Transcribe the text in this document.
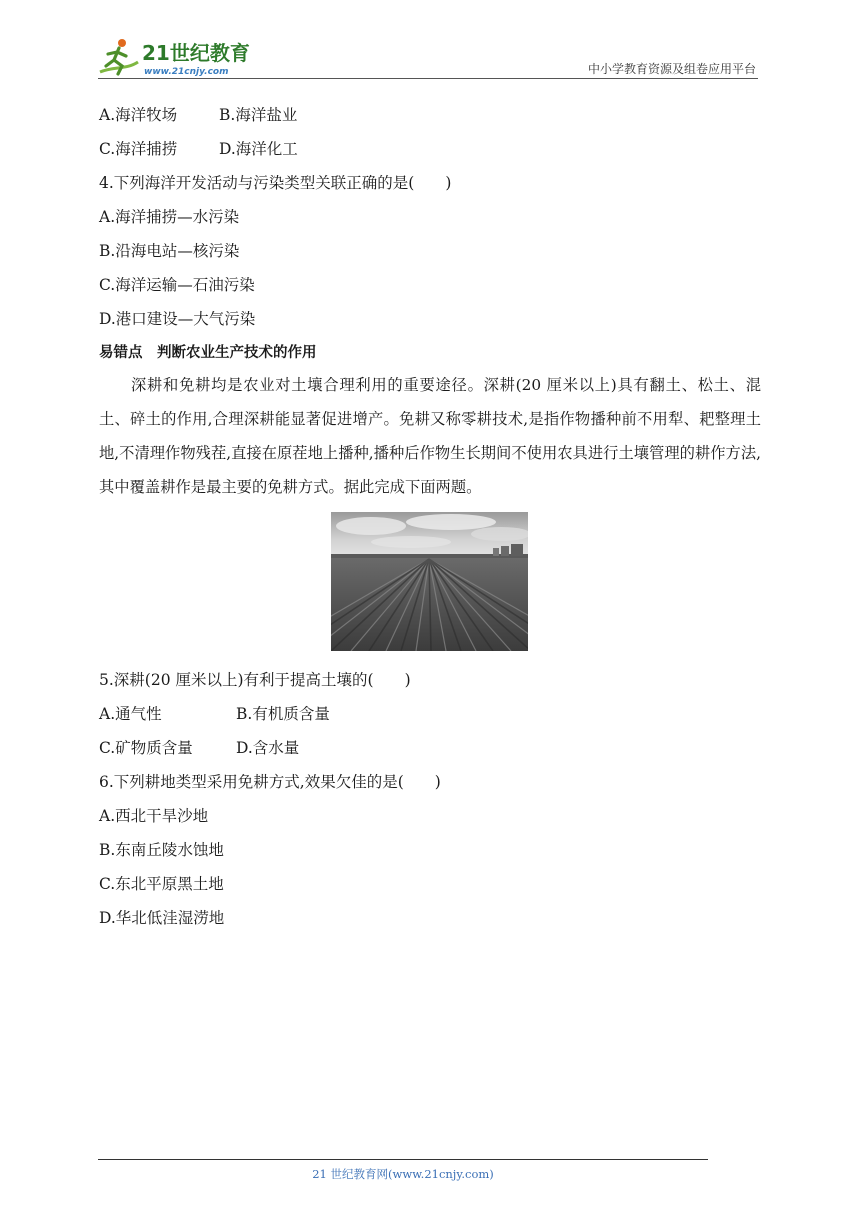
21世纪教育
www.21cnjy.com	中小学教育资源及组卷应用平台
A.海洋牧场	B.海洋盐业
C.海洋捕捞	D.海洋化工
4.下列海洋开发活动与污染类型关联正确的是(　　)
A.海洋捕捞—水污染
B.沿海电站—核污染
C.海洋运输—石油污染
D.港口建设—大气污染
易错点　判断农业生产技术的作用
深耕和免耕均是农业对土壤合理利用的重要途径。深耕(20 厘米以上)具有翻土、松土、混土、碎土的作用,合理深耕能显著促进增产。免耕又称零耕技术,是指作物播种前不用犁、耙整理土地,不清理作物残茬,直接在原茬地上播种,播种后作物生长期间不使用农具进行土壤管理的耕作方法,其中覆盖耕作是最主要的免耕方式。据此完成下面两题。
5.深耕(20 厘米以上)有利于提高土壤的(　　)
A.通气性	B.有机质含量
C.矿物质含量	D.含水量
6.下列耕地类型采用免耕方式,效果欠佳的是(　　)
A.西北干旱沙地
B.东南丘陵水蚀地
C.东北平原黑土地
D.华北低洼湿涝地
21 世纪教育网(www.21cnjy.com)
